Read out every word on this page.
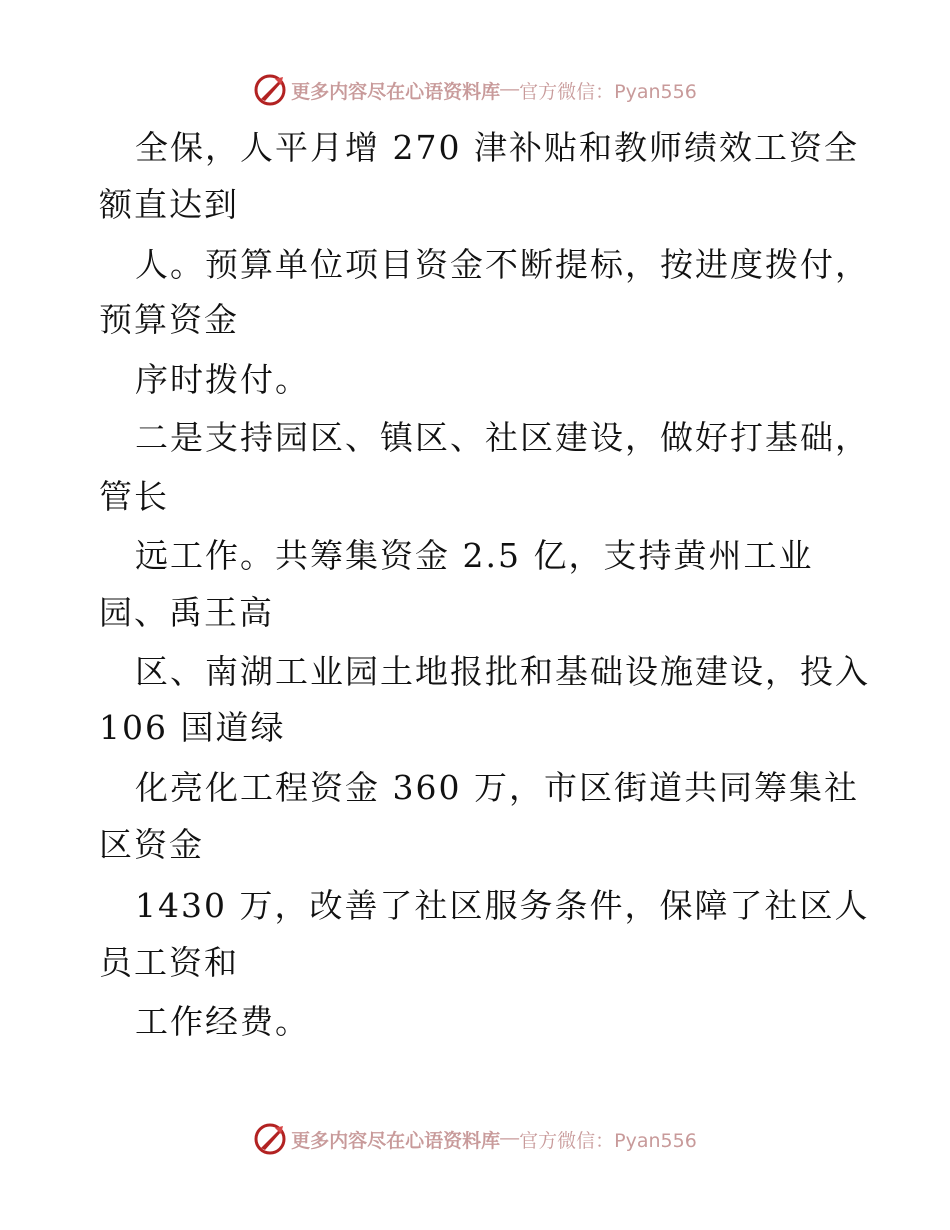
更多内容尽在心语资料库 — 官方微信：Pyan556
全保，人平月增 270 津补贴和教师绩效工资全
额直达到
人。预算单位项目资金不断提标，按进度拨付，
预算资金
序时拨付。
二是支持园区、镇区、社区建设，做好打基础，
管长
远工作。共筹集资金 2.5 亿，支持黄州工业
园、禹王高
区、南湖工业园土地报批和基础设施建设，投入
106 国道绿
化亮化工程资金 360 万，市区街道共同筹集社
区资金
1430 万，改善了社区服务条件，保障了社区人
员工资和
工作经费。
更多内容尽在心语资料库 — 官方微信：Pyan556
